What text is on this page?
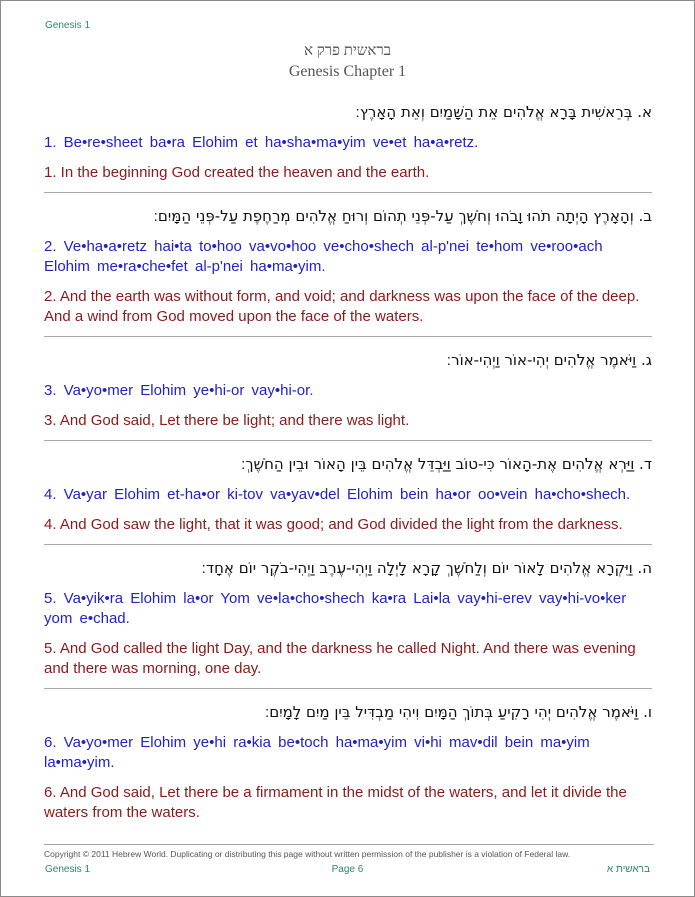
Genesis 1
בראשית פרק א
Genesis Chapter 1

א. בְּרֵאשִׁית בָּרָא אֱלֹהִים אֵת הַשָּׁמַיִם וְאֵת הָאָרֶץ׃

1. Be•re•sheet ba•ra Elohim et ha•sha•ma•yim ve•et ha•a•retz.

1. In the beginning God created the heaven and the earth.

ב. וְהָאָרֶץ הָיְתָה תֹהוּ וָבֹהוּ וְחֹשֶׁךְ עַל-פְּנֵי תְהוֹם וְרוּחַ אֱלֹהִים מְרַחֶפֶת עַל-פְּנֵי הַמָּיִם׃

2. Ve•ha•a•retz hai•ta to•hoo va•vo•hoo ve•cho•shech al-p'nei te•hom ve•roo•ach Elohim me•ra•che•fet al-p'nei ha•ma•yim.

2. And the earth was without form, and void; and darkness was upon the face of the deep. And a wind from God moved upon the face of the waters.

ג. וַיֹּאמֶר אֱלֹהִים יְהִי-אוֹר וַיְהִי-אוֹר׃

3. Va•yo•mer Elohim ye•hi-or vay•hi-or.

3. And God said, Let there be light; and there was light.

ד. וַיַּרְא אֱלֹהִים אֶת-הָאוֹר כִּי-טוֹב וַיַּבְדֵּל אֱלֹהִים בֵּין הָאוֹר וּבֵין הַחֹשֶׁךְ׃

4. Va•yar Elohim et-ha•or ki-tov va•yav•del Elohim bein ha•or oo•vein ha•cho•shech.

4. And God saw the light, that it was good; and God divided the light from the darkness.

ה. וַיִּקְרָא אֱלֹהִים לָאוֹר יוֹם וְלַחֹשֶׁךְ קָרָא לָיְלָה וַיְהִי-עֶרֶב וַיְהִי-בֹקֶר יוֹם אֶחָד׃

5. Va•yik•ra Elohim la•or Yom ve•la•cho•shech ka•ra Lai•la vay•hi-erev vay•hi-vo•ker yom e•chad.

5. And God called the light Day, and the darkness he called Night. And there was evening and there was morning, one day.

ו. וַיֹּאמֶר אֱלֹהִים יְהִי רָקִיעַ בְּתוֹךְ הַמָּיִם וִיהִי מַבְדִּיל בֵּין מַיִם לָמָיִם׃

6. Va•yo•mer Elohim ye•hi ra•kia be•toch ha•ma•yim vi•hi mav•dil bein ma•yim la•ma•yim.

6. And God said, Let there be a firmament in the midst of the waters, and let it divide the waters from the waters.

Copyright © 2011 Hebrew World. Duplicating or distributing this page without written permission of the publisher is a violation of Federal law.
Genesis 1	Page 6	בראשית א
